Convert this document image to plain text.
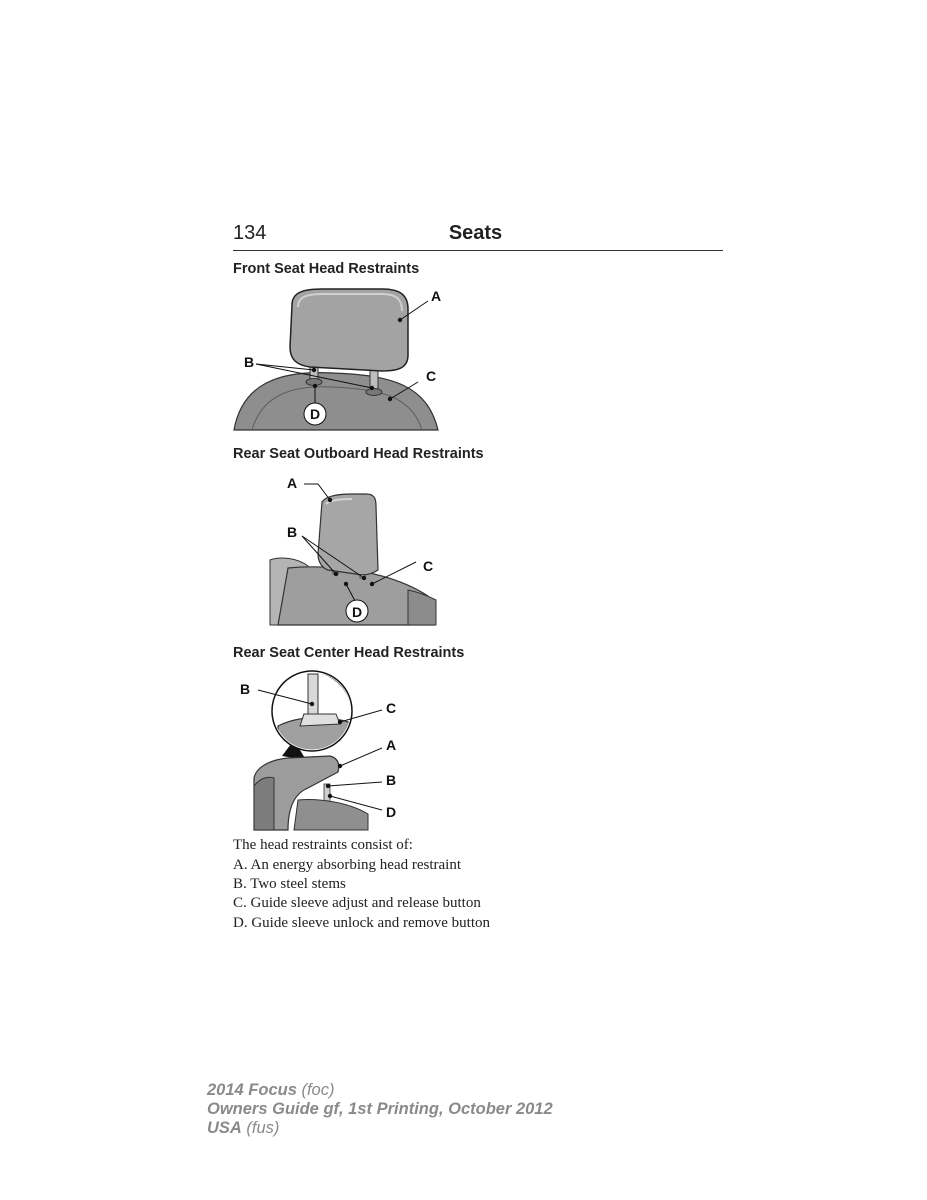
134	Seats
Front Seat Head Restraints
A
B
C
D
Rear Seat Outboard Head Restraints
A
B
C
D
Rear Seat Center Head Restraints
B
C
A
B
D
The head restraints consist of:
A. An energy absorbing head restraint
B. Two steel stems
C. Guide sleeve adjust and release button
D. Guide sleeve unlock and remove button
2014 Focus (foc)
Owners Guide gf, 1st Printing, October 2012
USA (fus)
